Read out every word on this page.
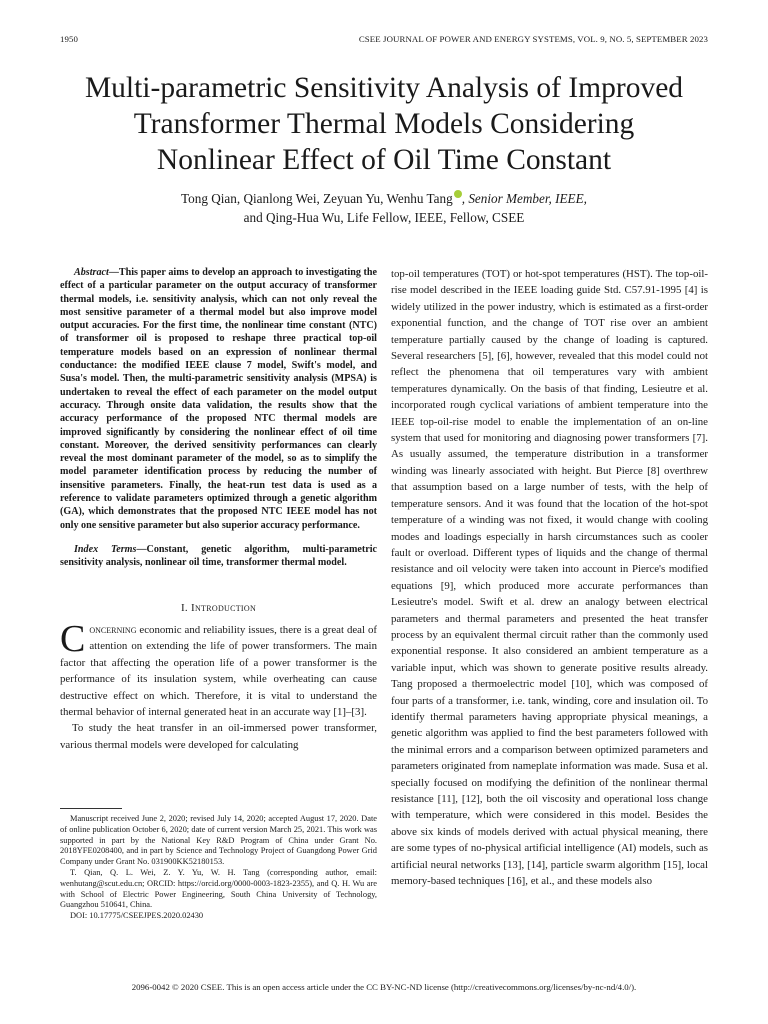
1950	CSEE JOURNAL OF POWER AND ENERGY SYSTEMS, VOL. 9, NO. 5, SEPTEMBER 2023
Multi-parametric Sensitivity Analysis of Improved
Transformer Thermal Models Considering
Nonlinear Effect of Oil Time Constant
Tong Qian, Qianlong Wei, Zeyuan Yu, Wenhu Tang , Senior Member, IEEE,
and Qing-Hua Wu, Life Fellow, IEEE, Fellow, CSEE

Abstract—This paper aims to develop an approach to investigating the effect of a particular parameter on the output accuracy of transformer thermal models, i.e. sensitivity analysis, which can not only reveal the most sensitive parameter of a thermal model but also improve model output accuracies. For the first time, the nonlinear time constant (NTC) of transformer oil is proposed to reshape three practical top-oil temperature models based on an expression of nonlinear thermal conductance: the modified IEEE clause 7 model, Swift's model, and Susa's model. Then, the multi-parametric sensitivity analysis (MPSA) is undertaken to reveal the effect of each parameter on the model output accuracy. Through onsite data validation, the results show that the accuracy performance of the proposed NTC thermal models are improved significantly by considering the nonlinear effect of oil time constant. Moreover, the derived sensitivity performances can clearly reveal the most dominant parameter of the model, so as to simplify the model parameter identification process by reducing the number of insensitive parameters. Finally, the heat-run test data is used as a reference to validate parameters optimized through a genetic algorithm (GA), which demonstrates that the proposed NTC IEEE model has not only one sensitive parameter but also superior accuracy performance.

Index Terms—Constant, genetic algorithm, multi-parametric sensitivity analysis, nonlinear oil time, transformer thermal model.

I. Introduction

Concerning economic and reliability issues, there is a great deal of attention on extending the life of power transformers. The main factor that affecting the operation life of a power transformer is the performance of its insulation system, while overheating can cause destructive effect on which. Therefore, it is vital to understand the thermal behavior of internal generated heat in an accurate way [1]–[3].

To study the heat transfer in an oil-immersed power transformer, various thermal models were developed for calculating

Manuscript received June 2, 2020; revised July 14, 2020; accepted August 17, 2020. Date of online publication October 6, 2020; date of current version March 25, 2021. This work was supported in part by the National Key R&D Program of China under Grant No. 2018YFE0208400, and in part by Science and Technology Project of Guangdong Power Grid Company under Grant No. 031900KK52180153.

T. Qian, Q. L. Wei, Z. Y. Yu, W. H. Tang (corresponding author, email: wenhutang@scut.edu.cn; ORCID: https://orcid.org/0000-0003-1823-2355), and Q. H. Wu are with School of Electric Power Engineering, South China University of Technology, Guangzhou 510641, China.

DOI: 10.17775/CSEEJPES.2020.02430

top-oil temperatures (TOT) or hot-spot temperatures (HST). The top-oil-rise model described in the IEEE loading guide Std. C57.91-1995 [4] is widely utilized in the power industry, which is estimated as a first-order exponential function, and the change of TOT rise over an ambient temperature partially caused by the change of loading is captured. Several researchers [5], [6], however, revealed that this model could not reflect the phenomena that oil temperatures vary with ambient temperatures dynamically. On the basis of that finding, Lesieutre et al. incorporated rough cyclical variations of ambient temperature into the IEEE top-oil-rise model to enable the implementation of an on-line system that used for monitoring and diagnosing power transformers [7]. As usually assumed, the temperature distribution in a transformer winding was linearly associated with height. But Pierce [8] overthrew that assumption based on a large number of tests, with the help of temperature sensors. And it was found that the location of the hot-spot temperature of a winding was not fixed, it would change with cooling modes and loadings especially in harsh circumstances such as cooler fault or overload. Different types of liquids and the change of thermal resistance and oil velocity were taken into account in Pierce's modified equations [9], which produced more accurate performances than Lesieutre's model. Swift et al. drew an analogy between electrical parameters and thermal parameters and presented the heat transfer process by an equivalent thermal circuit rather than the commonly used exponential response. It also considered an ambient temperature as a variable input, which was shown to generate positive results already. Tang proposed a thermoelectric model [10], which was composed of four parts of a transformer, i.e. tank, winding, core and insulation oil. To identify thermal parameters having appropriate physical meanings, a genetic algorithm was applied to find the best parameters followed with the minimal errors and a comparison between optimized parameters and parameters originated from nameplate information was made. Susa et al. specially focused on modifying the definition of the nonlinear thermal resistance [11], [12], both the oil viscosity and operational loss change with temperature, which were considered in this model. Besides the above six kinds of models derived with actual physical meaning, there are some types of no-physical artificial intelligence (AI) models, such as artificial neural networks [13], [14], particle swarm algorithm [15], local memory-based techniques [16], et al., and these models also

2096-0042 © 2020 CSEE. This is an open access article under the CC BY-NC-ND license (http://creativecommons.org/licenses/by-nc-nd/4.0/).
